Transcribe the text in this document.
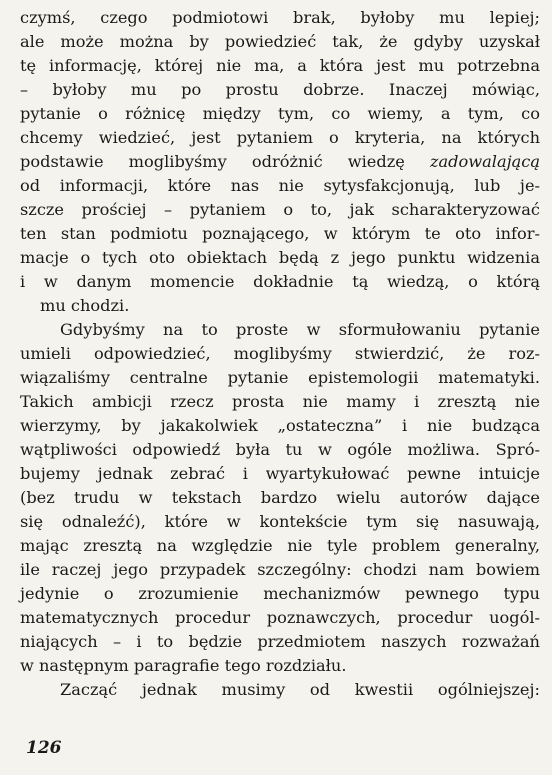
czymś, czego podmiotowi brak, byłoby mu lepiej;
ale może można by powiedzieć tak, że gdyby uzyskał
tę informację, której nie ma, a która jest mu potrzebna
– byłoby mu po prostu dobrze. Inaczej mówiąc,
pytanie o różnicę między tym, co wiemy, a tym, co
chcemy wiedzieć, jest pytaniem o kryteria, na których
podstawie moglibyśmy odróżnić wiedzę zadowalającą
od informacji, które nas nie sytysfakcjonują, lub je-
szcze prościej – pytaniem o to, jak scharakteryzować
ten stan podmiotu poznającego, w którym te oto infor-
macje o tych oto obiektach będą z jego punktu widzenia
i w danym momencie dokładnie tą wiedzą, o którą
mu chodzi.
Gdybyśmy na to proste w sformułowaniu pytanie
umieli odpowiedzieć, moglibyśmy stwierdzić, że roz-
wiązaliśmy centralne pytanie epistemologii matematyki.
Takich ambicji rzecz prosta nie mamy i zresztą nie
wierzymy, by jakakolwiek „ostateczna” i nie budząca
wątpliwości odpowiedź była tu w ogóle możliwa. Spró-
bujemy jednak zebrać i wyartykułować pewne intuicje
(bez trudu w tekstach bardzo wielu autorów dające
się odnaleźć), które w kontekście tym się nasuwają,
mając zresztą na względzie nie tyle problem generalny,
ile raczej jego przypadek szczególny: chodzi nam bowiem
jedynie o zrozumienie mechanizmów pewnego typu
matematycznych procedur poznawczych, procedur uogól-
niających – i to będzie przedmiotem naszych rozważań
w następnym paragrafie tego rozdziału.
Zacząć jednak musimy od kwestii ogólniejszej:
126
